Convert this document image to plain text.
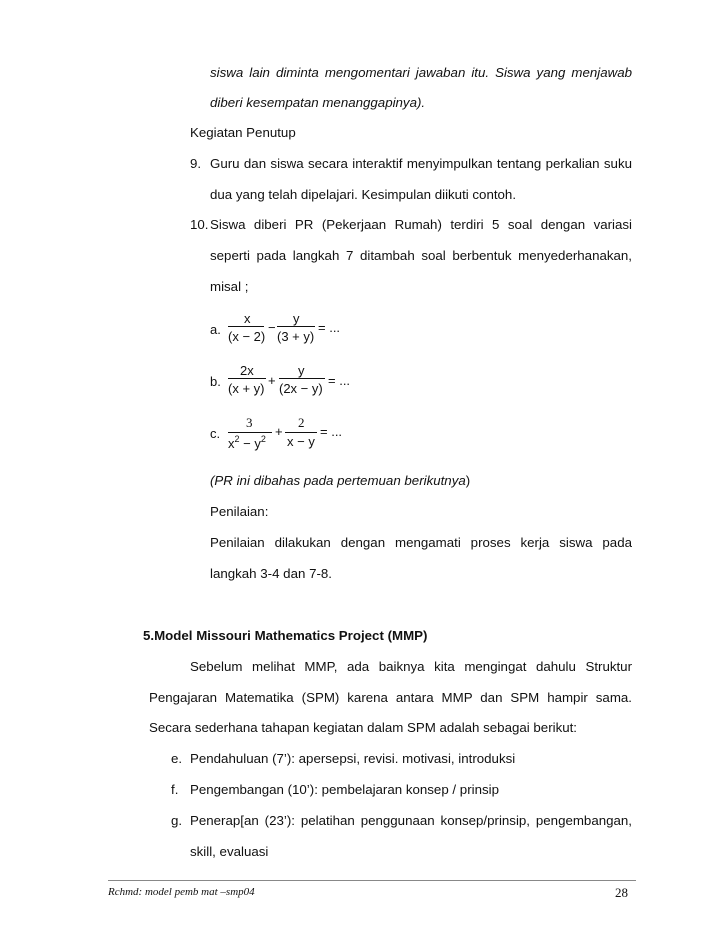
siswa lain diminta mengomentari jawaban itu. Siswa yang menjawab
diberi kesempatan menanggapinya).
Kegiatan Penutup
9. Guru dan siswa secara interaktif menyimpulkan tentang perkalian suku
dua yang telah dipelajari. Kesimpulan diikuti contoh.
10. Siswa diberi PR (Pekerjaan Rumah) terdiri 5 soal dengan variasi
seperti pada langkah 7 ditambah soal berbentuk menyederhanakan,
misal ;
a.
x
(x − 2)
−
y
(3 + y)
= ...
b.
2x
(x + y)
+
y
(2x − y)
= ...
c.
3
$x^2 - y^2$ +
2
x − y
= ...
(PR ini dibahas pada pertemuan berikutnya)
Penilaian:
Penilaian dilakukan dengan mengamati proses kerja siswa pada
langkah 3-4 dan 7-8.
5.Model Missouri Mathematics Project (MMP)
Sebelum melihat MMP, ada baiknya kita mengingat dahulu Struktur
Pengajaran Matematika (SPM) karena antara MMP dan SPM hampir sama.
Secara sederhana tahapan kegiatan dalam SPM adalah sebagai berikut:
e. Pendahuluan (7’): apersepsi, revisi. motivasi, introduksi
f. Pengembangan (10’): pembelajaran konsep / prinsip
g. Penerap[an (23’): pelatihan penggunaan konsep/prinsip, pengembangan,
skill, evaluasi
Rchmd: model pemb mat –smp04	28
